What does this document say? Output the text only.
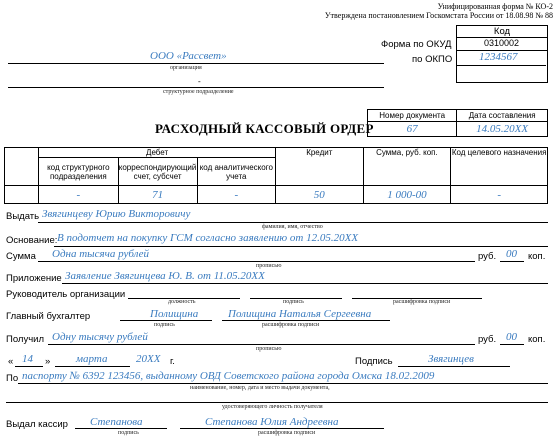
Унифицированная форма № КО-2
Утверждена постановлением Госкомстата России от 18.08.98 № 88
Код
Форма по ОКУД	0310002
по ОКПО 1234567
ООО «Рассвет»
организация
-
структурное подразделение
Номер документа	Дата составления
67	14.05.20XX
РАСХОДНЫЙ КАССОВЫЙ ОРДЕР
	Дебет			Кредит	Сумма, руб. коп.	Код целевого назначения
	код структурного подразделения	корреспондирующий счет, субсчет	код аналитического учета			
	-	71	-	50	1 000-00	-
Выдать Звягинцеву Юрию Викторовичу
фамилия, имя, отчество
Основание: В подотчет на покупку ГСМ согласно заявлению от 12.05.20XX
Сумма Одна тысяча рублей	руб. 00 коп.
прописью
Приложение Заявление Звягинцева Ю. В. от 11.05.20XX
Руководитель организации
должность	подпись	расшифровка подписи
Главный бухгалтер	Полищина	Полищина Наталья Сергеевна
подпись	расшифровка подписи
Получил Одну тысячу рублей	руб. 00 коп.
прописью
« 14 » марта	20XX г.	Подпись	Звягинцев
По паспорту № 6392 123456, выданному ОВД Советского района города Омска 18.02.2009
наименование, номер, дата и место выдачи документа,
удостоверяющего личность получателя
Выдал кассир Степанова	Степанова Юлия Андреевна
подпись	расшифровка подписи
